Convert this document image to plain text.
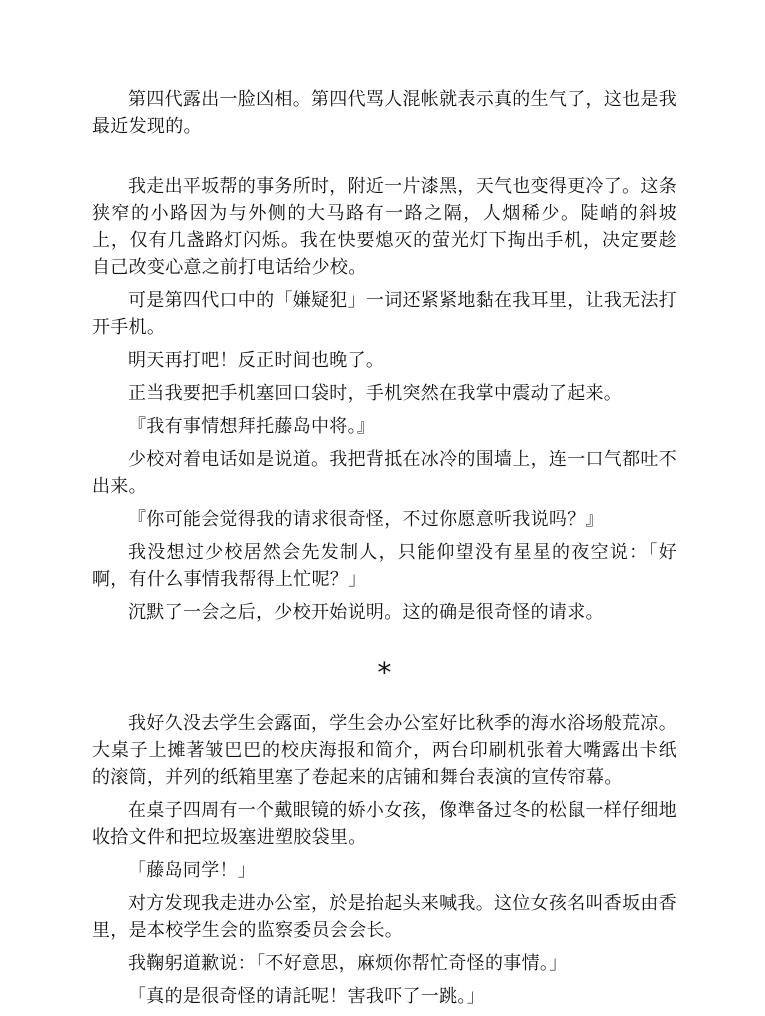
第四代露出一脸凶相。第四代骂人混帐就表示真的生气了，这也是我最近发现的。

我走出平坂帮的事务所时，附近一片漆黑，天气也变得更冷了。这条狭窄的小路因为与外侧的大马路有一路之隔，人烟稀少。陡峭的斜坡上，仅有几盏路灯闪烁。我在快要熄灭的萤光灯下掏出手机，决定要趁自己改变心意之前打电话给少校。

可是第四代口中的「嫌疑犯」一词还紧紧地黏在我耳里，让我无法打开手机。

明天再打吧！反正时间也晚了。

正当我要把手机塞回口袋时，手机突然在我掌中震动了起来。

『我有事情想拜托藤岛中将。』

少校对着电话如是说道。我把背抵在冰冷的围墙上，连一口气都吐不出来。

『你可能会觉得我的请求很奇怪，不过你愿意听我说吗？』

我没想过少校居然会先发制人，只能仰望没有星星的夜空说：「好啊，有什么事情我帮得上忙呢？」

沉默了一会之后，少校开始说明。这的确是很奇怪的请求。

*

我好久没去学生会露面，学生会办公室好比秋季的海水浴场般荒凉。大桌子上摊著皱巴巴的校庆海报和简介，两台印刷机张着大嘴露出卡纸的滚筒，并列的纸箱里塞了卷起来的店铺和舞台表演的宣传帘幕。

在桌子四周有一个戴眼镜的娇小女孩，像準备过冬的松鼠一样仔细地收拾文件和把垃圾塞进塑胶袋里。

「藤岛同学！」

对方发现我走进办公室，於是抬起头来喊我。这位女孩名叫香坂由香里，是本校学生会的监察委员会会长。

我鞠躬道歉说：「不好意思，麻烦你帮忙奇怪的事情。」

「真的是很奇怪的请託呢！害我吓了一跳。」
